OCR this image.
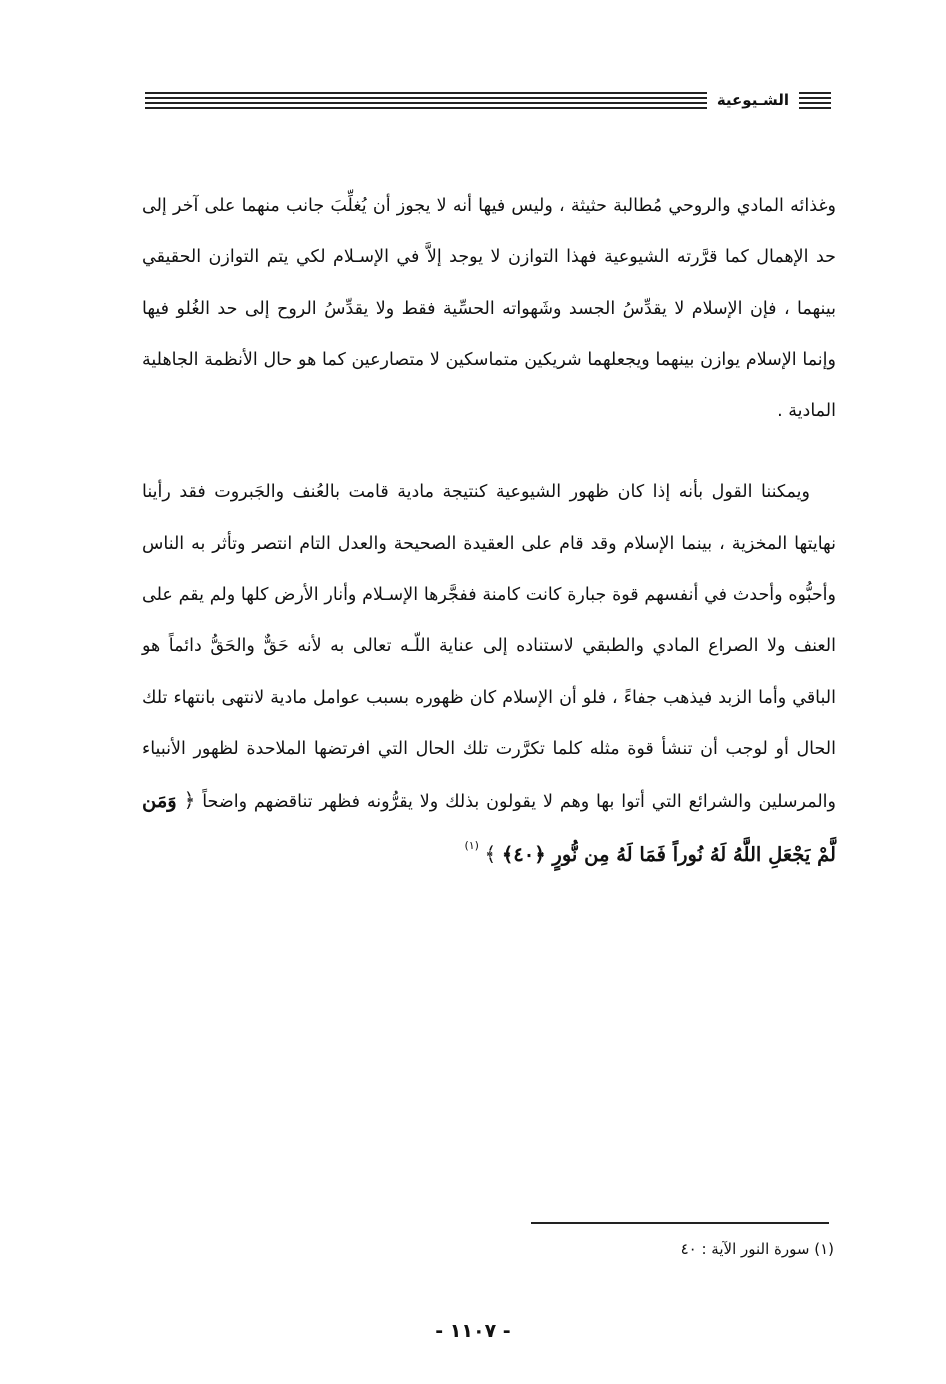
الشـيوعية

وغذائه المادي والروحي مُطالبة حثيثة ، وليس فيها أنه لا يجوز أن يُغلِّبَ جانب منهما على آخر إلى حد الإهمال كما قرَّرته الشيوعية فهذا التوازن لا يوجد إلاَّ في الإسـلام لكي يتم التوازن الحقيقي بينهما ، فإن الإسلام لا يقدِّسُ الجسد وشَهواته الحسِّية فقط ولا يقدِّسُ الروح إلى حد الغُلو فيها وإنما الإسلام يوازن بينهما ويجعلهما شريكين متماسكين لا متصارعين كما هو حال الأنظمة الجاهلية المادية .

ويمكننا القول بأنه إذا كان ظهور الشيوعية كنتيجة مادية قامت بالعُنف والجَبروت فقد رأينا نهايتها المخزية ، بينما الإسلام وقد قام على العقيدة الصحيحة والعدل التام انتصر وتأثر به الناس وأحبُّوه وأحدث في أنفسهم قوة جبارة كانت كامنة ففجَّرها الإسـلام وأنار الأرض كلها ولم يقم على العنف ولا الصراع المادي والطبقي لاستناده إلى عناية اللّـه تعالى به لأنه حَقٌّ والحَقُّ دائماً هو الباقي وأما الزبد فيذهب جفاءً ، فلو أن الإسلام كان ظهوره بسبب عوامل مادية لانتهى بانتهاء تلك الحال أو لوجب أن تنشأ قوة مثله كلما تكرَّرت تلك الحال التي افرتضها الملاحدة لظهور الأنبياء والمرسلين والشرائع التي أتوا بها وهم لا يقولون بذلك ولا يقرُّونه فظهر تناقضهم واضحاً ﴿ وَمَن لَّمْ يَجْعَلِ اللَّهُ لَهُ نُوراً فَمَا لَهُ مِن نُّورٍ ﴿٤٠﴾ ﴾ $^{(١)}$

(١) سورة النور الآية : ٤٠
- ١١٠٧ -
